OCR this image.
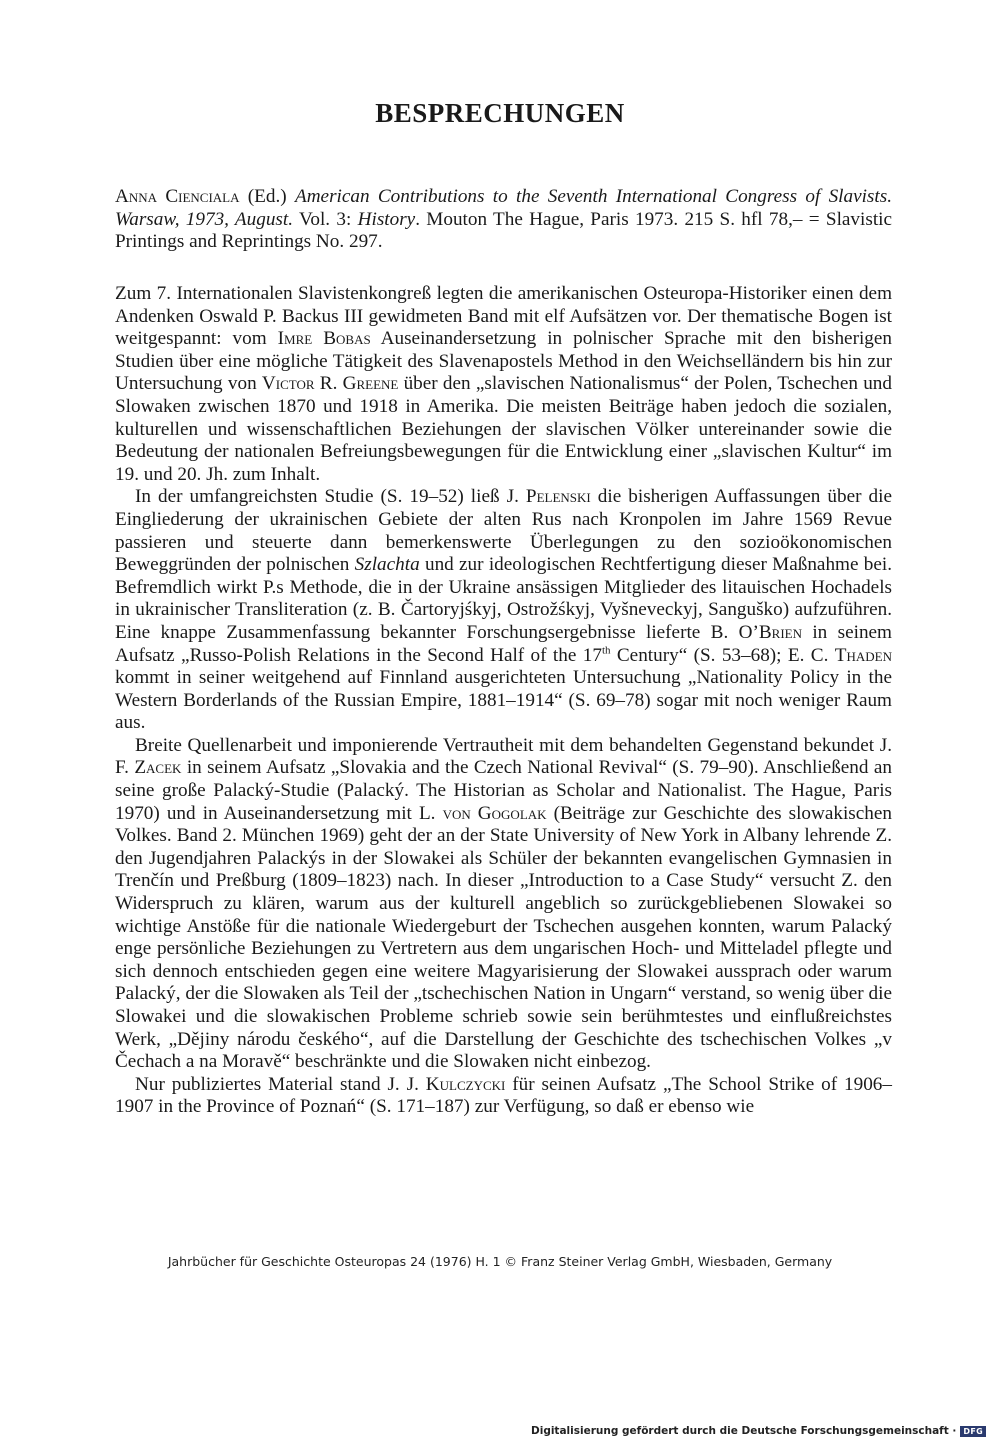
BESPRECHUNGEN

Anna Cienciala (Ed.) American Contributions to the Seventh International Congress of Slavists. Warsaw, 1973, August. Vol. 3: History. Mouton The Hague, Paris 1973. 215 S. hfl 78,– = Slavistic Printings and Reprintings No. 297.

Zum 7. Internationalen Slavistenkongreß legten die amerikanischen Osteuropa-Historiker einen dem Andenken Oswald P. Backus III gewidmeten Band mit elf Aufsätzen vor. Der thematische Bogen ist weitgespannt: vom Imre Bobas Auseinandersetzung in polnischer Sprache mit den bisherigen Studien über eine mögliche Tätigkeit des Slavenapostels Method in den Weichselländern bis hin zur Untersuchung von Victor R. Greene über den „slavischen Nationalismus“ der Polen, Tschechen und Slowaken zwischen 1870 und 1918 in Amerika. Die meisten Beiträge haben jedoch die sozialen, kulturellen und wissenschaftlichen Beziehungen der slavischen Völker untereinander sowie die Bedeutung der nationalen Befreiungsbewegungen für die Entwicklung einer „slavischen Kultur“ im 19. und 20. Jh. zum Inhalt.

In der umfangreichsten Studie (S. 19–52) ließ J. Pelenski die bisherigen Auffassungen über die Eingliederung der ukrainischen Gebiete der alten Rus nach Kronpolen im Jahre 1569 Revue passieren und steuerte dann bemerkenswerte Überlegungen zu den sozioökonomischen Beweggründen der polnischen Szlachta und zur ideologischen Rechtfertigung dieser Maßnahme bei. Befremdlich wirkt P.s Methode, die in der Ukraine ansässigen Mitglieder des litauischen Hochadels in ukrainischer Transliteration (z. B. Čartoryjśkyj, Ostrožśkyj, Vyšneveckyj, Sanguško) aufzuführen. Eine knappe Zusammenfassung bekannter Forschungsergebnisse lieferte B. O’Brien in seinem Aufsatz „Russo-Polish Relations in the Second Half of the 17th Century“ (S. 53–68); E. C. Thaden kommt in seiner weitgehend auf Finnland ausgerichteten Untersuchung „Nationality Policy in the Western Borderlands of the Russian Empire, 1881–1914“ (S. 69–78) sogar mit noch weniger Raum aus.

Breite Quellenarbeit und imponierende Vertrautheit mit dem behandelten Gegenstand bekundet J. F. Zacek in seinem Aufsatz „Slovakia and the Czech National Revival“ (S. 79–90). Anschließend an seine große Palacký-Studie (Palacký. The Historian as Scholar and Nationalist. The Hague, Paris 1970) und in Auseinandersetzung mit L. von Gogolak (Beiträge zur Geschichte des slowakischen Volkes. Band 2. München 1969) geht der an der State University of New York in Albany lehrende Z. den Jugendjahren Palackýs in der Slowakei als Schüler der bekannten evangelischen Gymnasien in Trenčín und Preßburg (1809–1823) nach. In dieser „Introduction to a Case Study“ versucht Z. den Widerspruch zu klären, warum aus der kulturell angeblich so zurückgebliebenen Slowakei so wichtige Anstöße für die nationale Wiedergeburt der Tschechen ausgehen konnten, warum Palacký enge persönliche Beziehungen zu Vertretern aus dem ungarischen Hoch- und Mitteladel pflegte und sich dennoch entschieden gegen eine weitere Magyarisierung der Slowakei aussprach oder warum Palacký, der die Slowaken als Teil der „tschechischen Nation in Ungarn“ verstand, so wenig über die Slowakei und die slowakischen Probleme schrieb sowie sein berühmtestes und einflußreichstes Werk, „Dějiny národu českého“, auf die Darstellung der Geschichte des tschechischen Volkes „v Čechach a na Moravě“ beschränkte und die Slowaken nicht einbezog.

Nur publiziertes Material stand J. J. Kulczycki für seinen Aufsatz „The School Strike of 1906–1907 in the Province of Poznań“ (S. 171–187) zur Verfügung, so daß er ebenso wie

Jahrbücher für Geschichte Osteuropas 24 (1976) H. 1 © Franz Steiner Verlag GmbH, Wiesbaden, Germany
Digitalisierung gefördert durch die Deutsche Forschungsgemeinschaft · DFG
